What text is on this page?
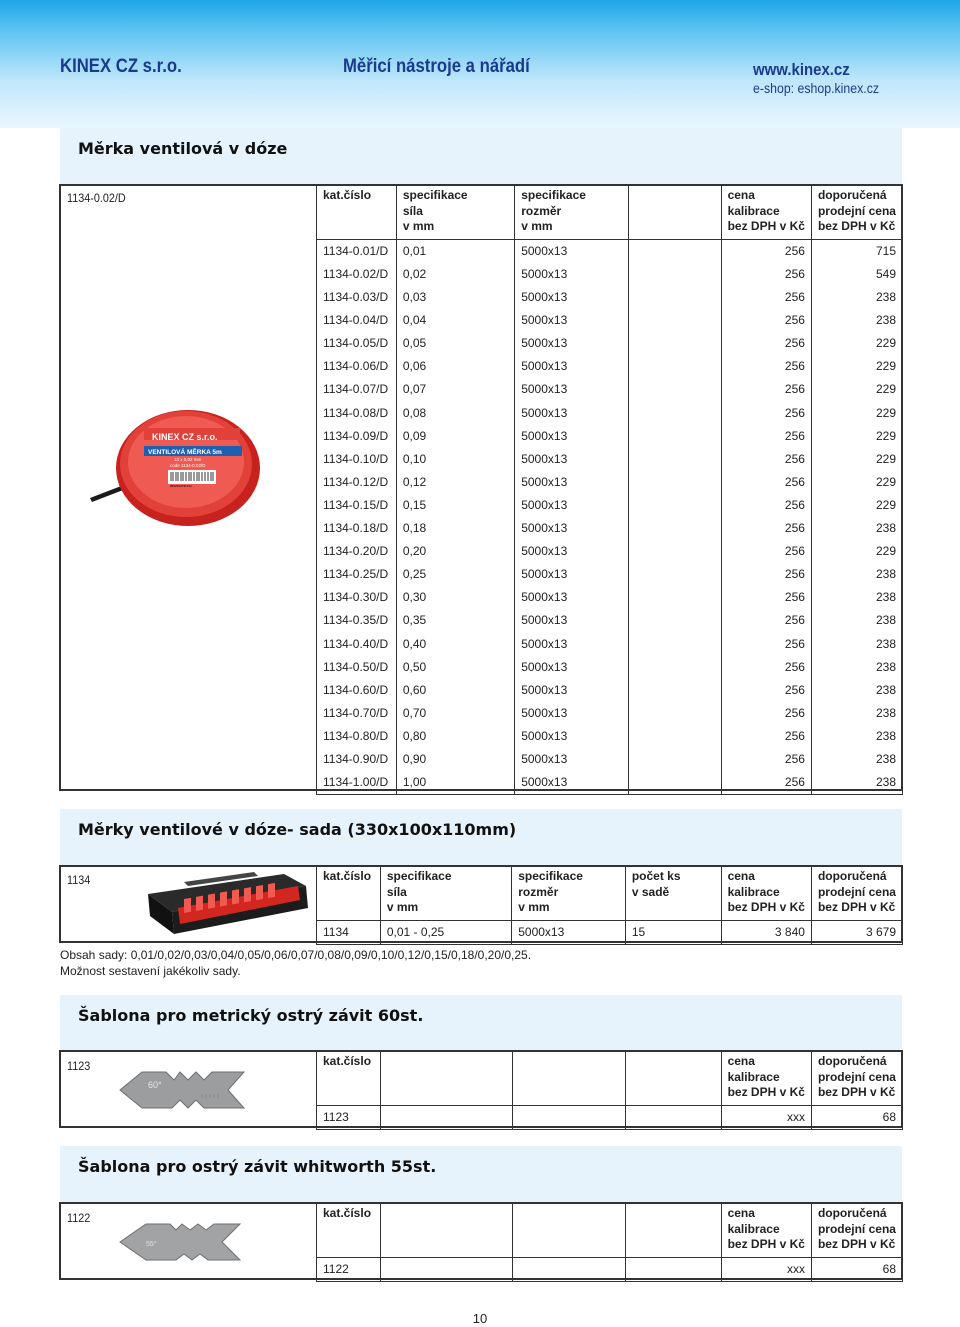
KINEX CZ s.r.o.	Měřicí nástroje a nářadí	www.kinex.cz
e-shop: eshop.kinex.cz
Měrka ventilová v dóze
1134-0.02/D
KINEX CZ s.r.o.
VENTILOVÁ MĚRKA 5m
13 x 0,02 mm
code 1134-0.02/D
8592962031344
kat.číslo	specifikace
síla
v mm	specifikace
rozměr
v mm		cena
kalibrace
bez DPH v Kč	doporučená
prodejní cena
bez DPH v Kč
1134-0.01/D	0,01	5000x13		256	715
1134-0.02/D	0,02	5000x13		256	549
1134-0.03/D	0,03	5000x13		256	238
1134-0.04/D	0,04	5000x13		256	238
1134-0.05/D	0,05	5000x13		256	229
1134-0.06/D	0,06	5000x13		256	229
1134-0.07/D	0,07	5000x13		256	229
1134-0.08/D	0,08	5000x13		256	229
1134-0.09/D	0,09	5000x13		256	229
1134-0.10/D	0,10	5000x13		256	229
1134-0.12/D	0,12	5000x13		256	229
1134-0.15/D	0,15	5000x13		256	229
1134-0.18/D	0,18	5000x13		256	238
1134-0.20/D	0,20	5000x13		256	229
1134-0.25/D	0,25	5000x13		256	238
1134-0.30/D	0,30	5000x13		256	238
1134-0.35/D	0,35	5000x13		256	238
1134-0.40/D	0,40	5000x13		256	238
1134-0.50/D	0,50	5000x13		256	238
1134-0.60/D	0,60	5000x13		256	238
1134-0.70/D	0,70	5000x13		256	238
1134-0.80/D	0,80	5000x13		256	238
1134-0.90/D	0,90	5000x13		256	238
1134-1.00/D	1,00	5000x13		256	238
Měrky ventilové v dóze- sada (330x100x110mm)
1134	kat.číslo	specifikace
síla
v mm	specifikace
rozměr
v mm	počet ks
v sadě	cena
kalibrace
bez DPH v Kč	doporučená
prodejní cena
bez DPH v Kč
1134	0,01 - 0,25	5000x13	15	3 840	3 679
Obsah sady: 0,01/0,02/0,03/0,04/0,05/0,06/0,07/0,08/0,09/0,10/0,12/0,15/0,18/0,20/0,25.
Možnost sestavení jakékoliv sady.
Šablona pro metrický ostrý závit 60st.
1123
60°
kat.číslo				cena
kalibrace
bez DPH v Kč	doporučená
prodejní cena
bez DPH v Kč
1123				xxx	68
Šablona pro ostrý závit whitworth 55st.
1122
55°
kat.číslo				cena
kalibrace
bez DPH v Kč	doporučená
prodejní cena
bez DPH v Kč
1122				xxx	68
10
